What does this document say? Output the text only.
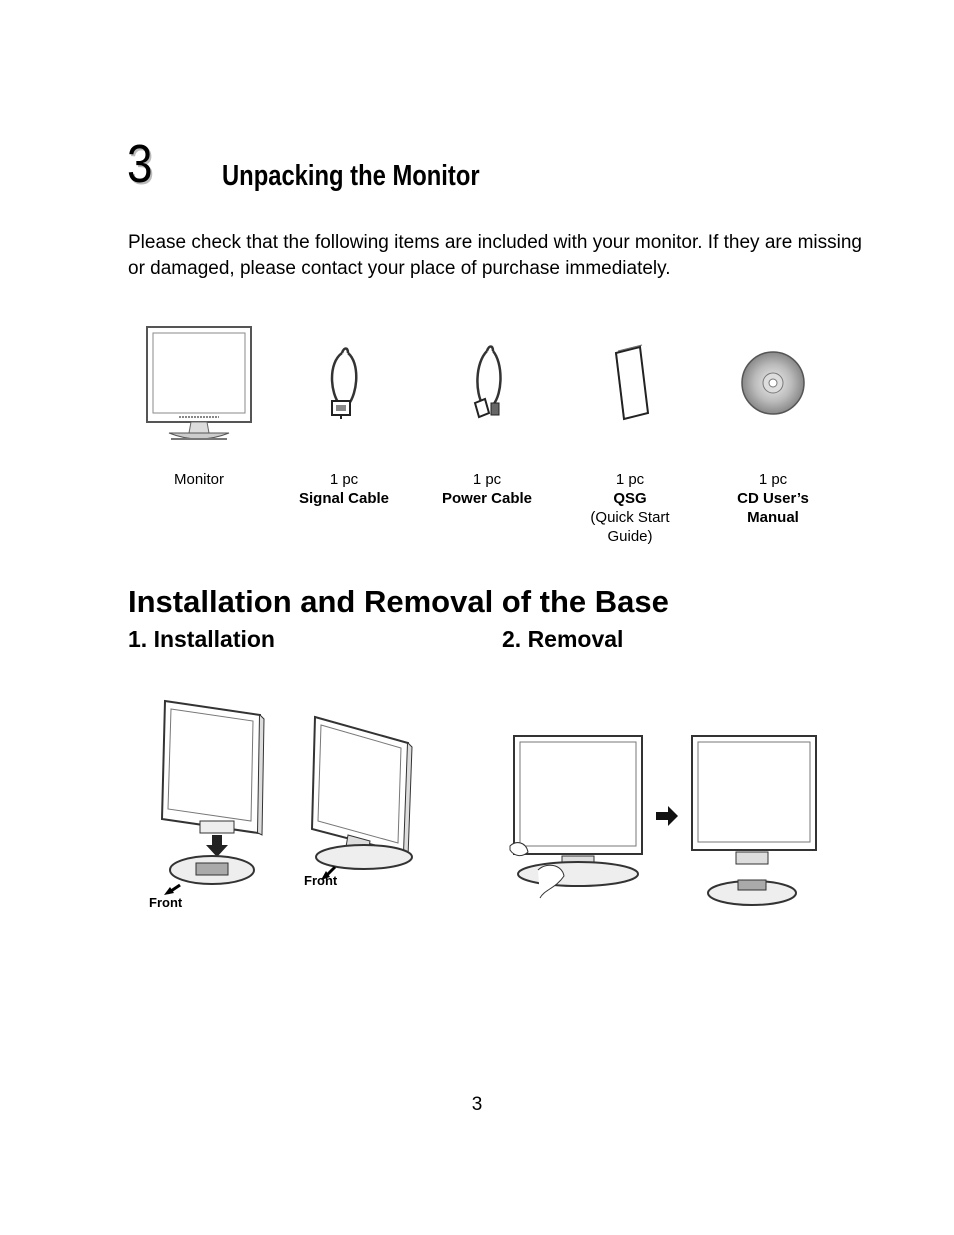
3 Unpacking the Monitor
Please check that the following items are included with your monitor. If they are missing or damaged, please contact your place of purchase immediately.
Monitor	1 pc
Signal Cable
1 pc
Power Cable
1 pc
QSG
(Quick Start Guide)
1 pc
CD User’s Manual
Installation and Removal of the Base
1. Installation	2. Removal
Front
Front
3
